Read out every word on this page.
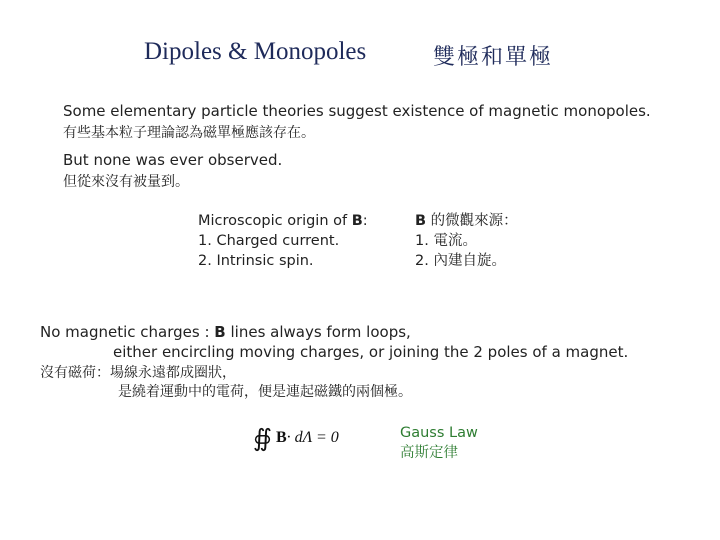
Dipoles & Monopoles	雙極和單極
Some elementary particle theories suggest existence of magnetic monopoles.
有些基本粒子理論認為磁單極應該存在。
But none was ever observed.
但從來沒有被量到。
Microscopic origin of B:
1. Charged current.
2. Intrinsic spin.
B 的微觀來源：
1. 電流。
2. 內建自旋。
No magnetic charges : B lines always form loops,
either encircling moving charges, or joining the 2 poles of a magnet.
沒有磁荷：場線永遠都成圈狀，
是繞着運動中的電荷，便是連起磁鐵的兩個極。
∯ B · dΛ = 0	Gauss Law
高斯定律
